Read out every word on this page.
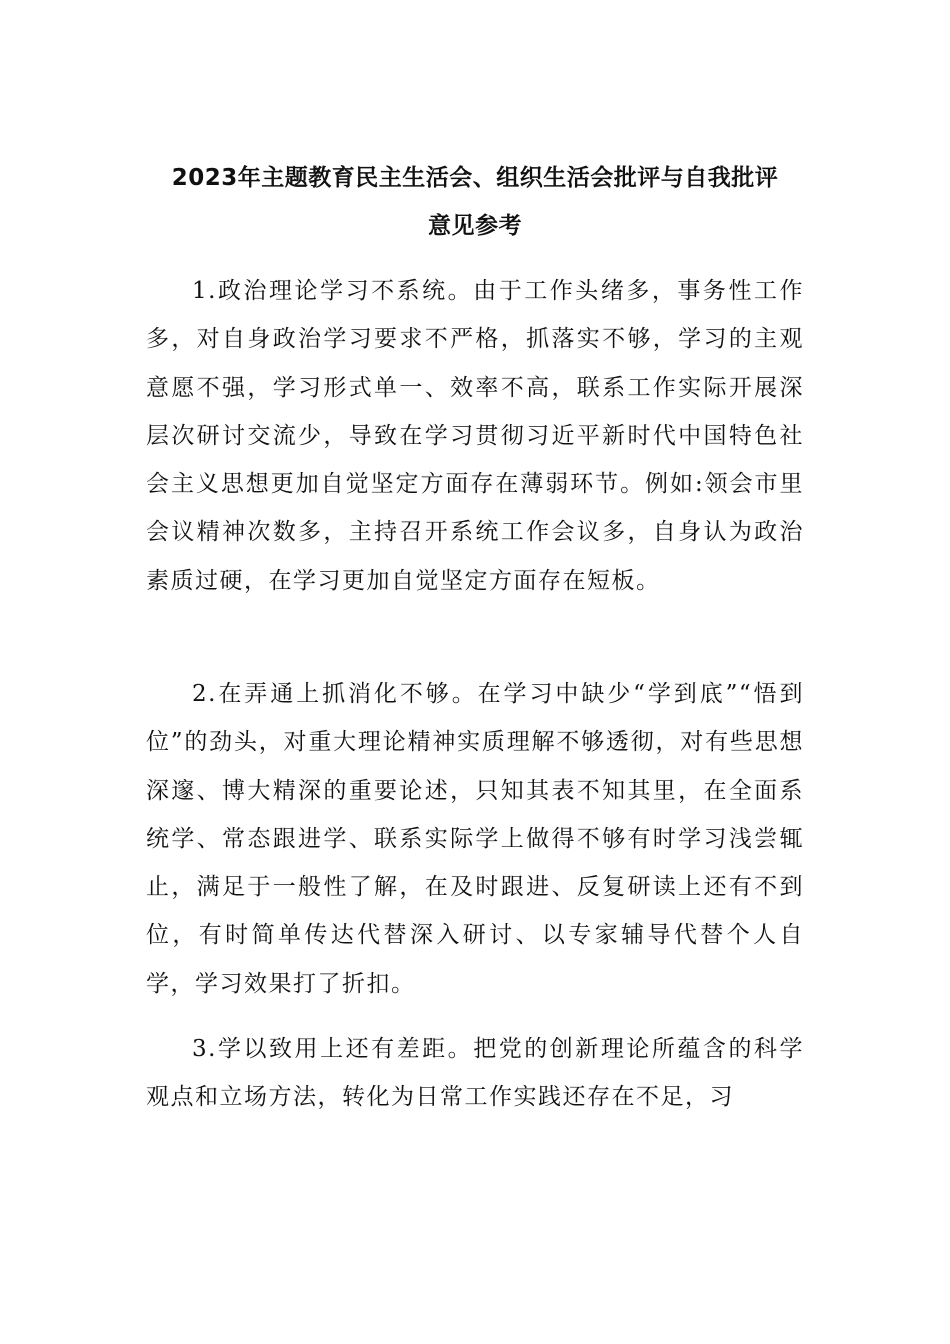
2023年主题教育民主生活会、组织生活会批评与自我批评
意见参考

1.政治理论学习不系统。由于工作头绪多，事务性工作多，对自身政治学习要求不严格，抓落实不够，学习的主观意愿不强，学习形式单一、效率不高，联系工作实际开展深层次研讨交流少，导致在学习贯彻习近平新时代中国特色社会主义思想更加自觉坚定方面存在薄弱环节。例如:领会市里会议精神次数多，主持召开系统工作会议多，自身认为政治素质过硬，在学习更加自觉坚定方面存在短板。

2.在弄通上抓消化不够。在学习中缺少“学到底”“悟到位”的劲头，对重大理论精神实质理解不够透彻，对有些思想深邃、博大精深的重要论述，只知其表不知其里，在全面系统学、常态跟进学、联系实际学上做得不够有时学习浅尝辄止，满足于一般性了解，在及时跟进、反复研读上还有不到位，有时简单传达代替深入研讨、以专家辅导代替个人自学，学习效果打了折扣。

3.学以致用上还有差距。把党的创新理论所蕴含的科学观点和立场方法，转化为日常工作实践还存在不足，习
